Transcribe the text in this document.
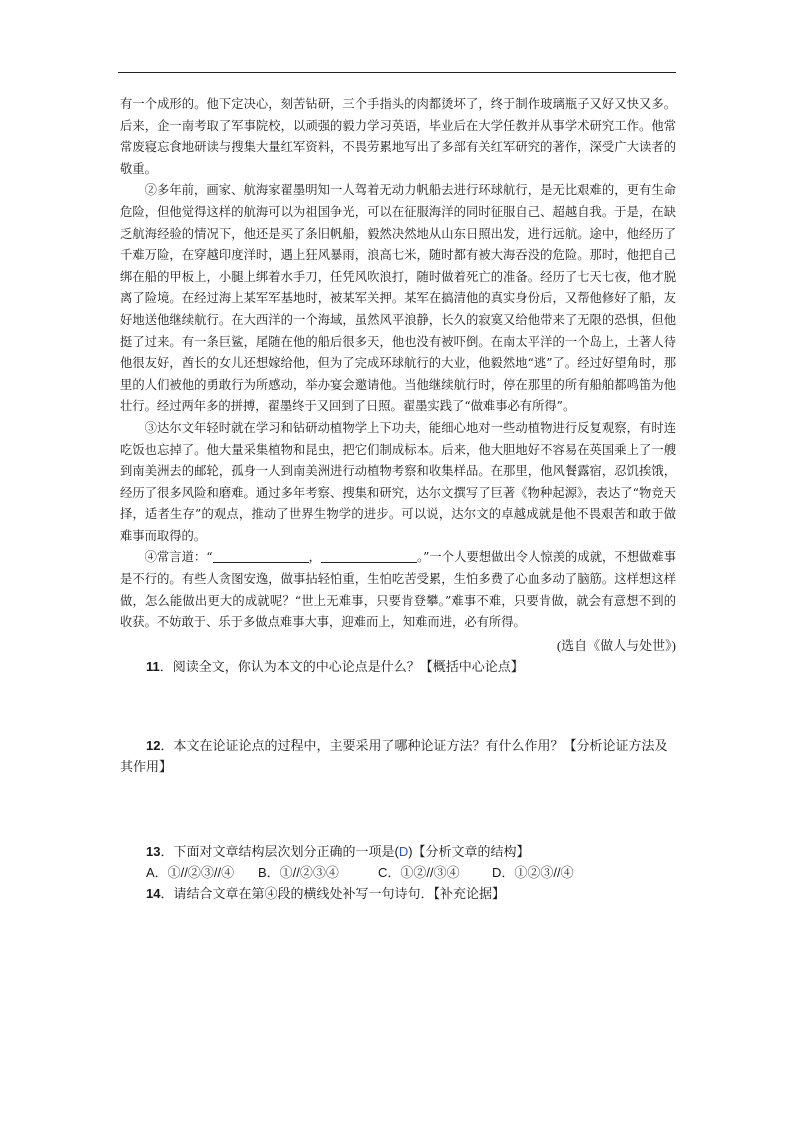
有一个成形的。他下定决心，刻苦钻研，三个手指头的肉都烫坏了，终于制作玻璃瓶子又好又快又多。后来，企一南考取了军事院校，以顽强的毅力学习英语，毕业后在大学任教并从事学术研究工作。他常常废寝忘食地研读与搜集大量红军资料，不畏劳累地写出了多部有关红军研究的著作，深受广大读者的敬重。

②多年前，画家、航海家翟墨明知一人驾着无动力帆船去进行环球航行，是无比艰难的，更有生命危险，但他觉得这样的航海可以为祖国争光，可以在征服海洋的同时征服自己、超越自我。于是，在缺乏航海经验的情况下，他还是买了条旧帆船，毅然决然地从山东日照出发，进行远航。途中，他经历了千难万险，在穿越印度洋时，遇上狂风暴雨，浪高七米，随时都有被大海吞没的危险。那时，他把自己绑在船的甲板上，小腿上绑着水手刀，任凭风吹浪打，随时做着死亡的准备。经历了七天七夜，他才脱离了险境。在经过海上某军军基地时，被某军关押。某军在搞清他的真实身份后，又帮他修好了船，友好地送他继续航行。在大西洋的一个海域，虽然风平浪静，长久的寂寞又给他带来了无限的恐惧，但他挺了过来。有一条巨鲨，尾随在他的船后很多天，他也没有被吓倒。在南太平洋的一个岛上，土著人待他很友好，酋长的女儿还想嫁给他，但为了完成环球航行的大业，他毅然地“逃”了。经过好望角时，那里的人们被他的勇敢行为所感动，举办宴会邀请他。当他继续航行时，停在那里的所有船舶都鸣笛为他壮行。经过两年多的拼搏，翟墨终于又回到了日照。翟墨实践了“做难事必有所得”。

③达尔文年轻时就在学习和钻研动植物学上下功夫，能细心地对一些动植物进行反复观察，有时连吃饭也忘掉了。他大量采集植物和昆虫，把它们制成标本。后来，他大胆地好不容易在英国乘上了一艘到南美洲去的邮轮，孤身一人到南美洲进行动植物考察和收集样品。在那里，他风餐露宿，忍饥挨饿，经历了很多风险和磨难。通过多年考察、搜集和研究，达尔文撰写了巨著《物种起源》，表达了“物竞天择，适者生存”的观点，推动了世界生物学的进步。可以说，达尔文的卓越成就是他不畏艰苦和敢于做难事而取得的。

④常言道：“	，	。”一个人要想做出令人惊羡的成就，不想做难事是不行的。有些人贪图安逸，做事拈轻怕重，生怕吃苦受累，生怕多费了心血多动了脑筋。这样想这样做，怎么能做出更大的成就呢？“世上无难事，只要肯登攀。”难事不难，只要肯做，就会有意想不到的收获。不妨敢于、乐于多做点难事大事，迎难而上，知难而进，必有所得。

(选自《做人与处世》)

11．阅读全文，你认为本文的中心论点是什么？【概括中心论点】

12．本文在论证论点的过程中，主要采用了哪种论证方法？有什么作用？【分析论证方法及其作用】

13．下面对文章结构层次划分正确的一项是(D)【分析文章的结构】

A．①//②③//④	B．①//②③④	C．①②//③④	D．①②③//④

14．请结合文章在第④段的横线处补写一句诗句．【补充论据】
